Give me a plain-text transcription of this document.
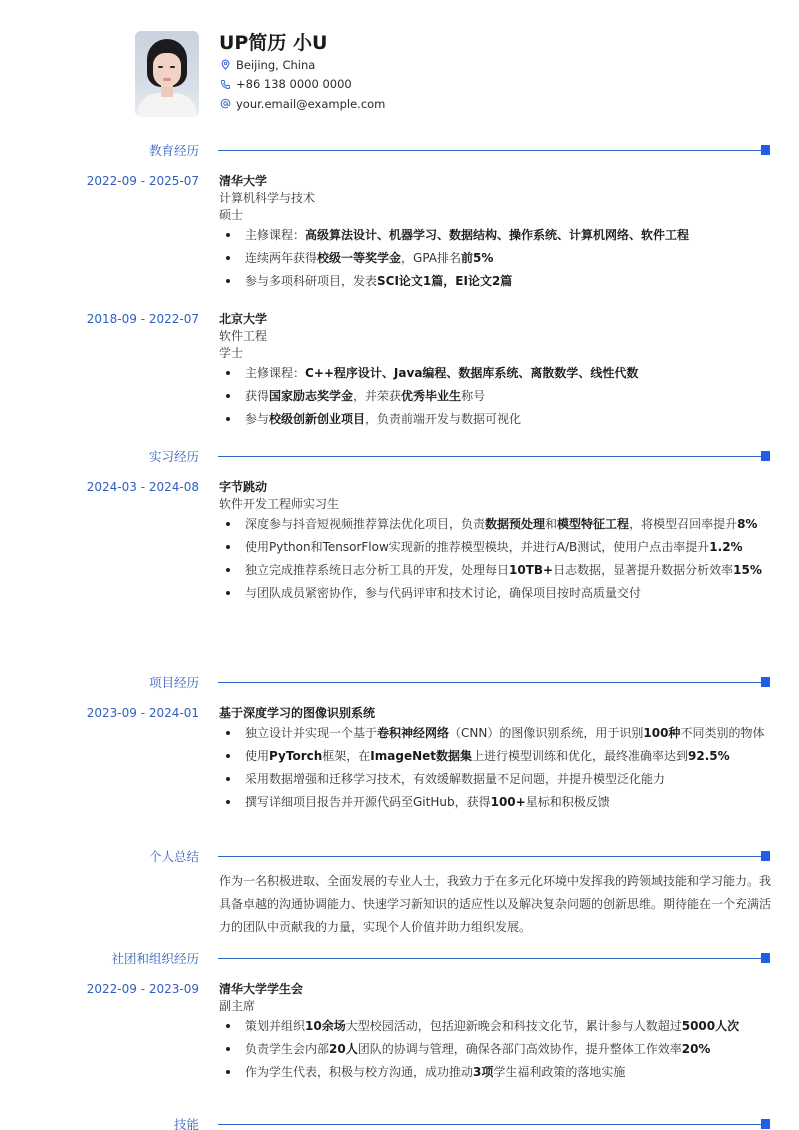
UP简历 小U
Beijing, China
+86 138 0000 0000
your.email@example.com
教育经历
2022-09 - 2025-07 清华大学
计算机科学与技术
硕士
主修课程：高级算法设计、机器学习、数据结构、操作系统、计算机网络、软件工程
连续两年获得校级一等奖学金，GPA排名前5%
参与多项科研项目，发表SCI论文1篇，EI论文2篇
2018-09 - 2022-07 北京大学
软件工程
学士
主修课程：C++程序设计、Java编程、数据库系统、离散数学、线性代数
获得国家励志奖学金，并荣获优秀毕业生称号
参与校级创新创业项目，负责前端开发与数据可视化
实习经历
2024-03 - 2024-08 字节跳动
软件开发工程师实习生
深度参与抖音短视频推荐算法优化项目，负责数据预处理和模型特征工程，将模型召回率提升8%
使用Python和TensorFlow实现新的推荐模型模块，并进行A/B测试，使用户点击率提升1.2%
独立完成推荐系统日志分析工具的开发，处理每日10TB+日志数据，显著提升数据分析效率15%
与团队成员紧密协作，参与代码评审和技术讨论，确保项目按时高质量交付
项目经历
2023-09 - 2024-01 基于深度学习的图像识别系统
独立设计并实现一个基于卷积神经网络（CNN）的图像识别系统，用于识别100种不同类别的物体
使用PyTorch框架，在ImageNet数据集上进行模型训练和优化，最终准确率达到92.5%
采用数据增强和迁移学习技术，有效缓解数据量不足问题，并提升模型泛化能力
撰写详细项目报告并开源代码至GitHub，获得100+星标和积极反馈
个人总结
作为一名积极进取、全面发展的专业人士，我致力于在多元化环境中发挥我的跨领域技能和学习能力。我具备卓越的沟通协调能力、快速学习新知识的适应性以及解决复杂问题的创新思维。期待能在一个充满活力的团队中贡献我的力量，实现个人价值并助力组织发展。
社团和组织经历
2022-09 - 2023-09 清华大学学生会
副主席
策划并组织10余场大型校园活动，包括迎新晚会和科技文化节，累计参与人数超过5000人次
负责学生会内部20人团队的协调与管理，确保各部门高效协作，提升整体工作效率20%
作为学生代表，积极与校方沟通，成功推动3项学生福利政策的落地实施
技能
